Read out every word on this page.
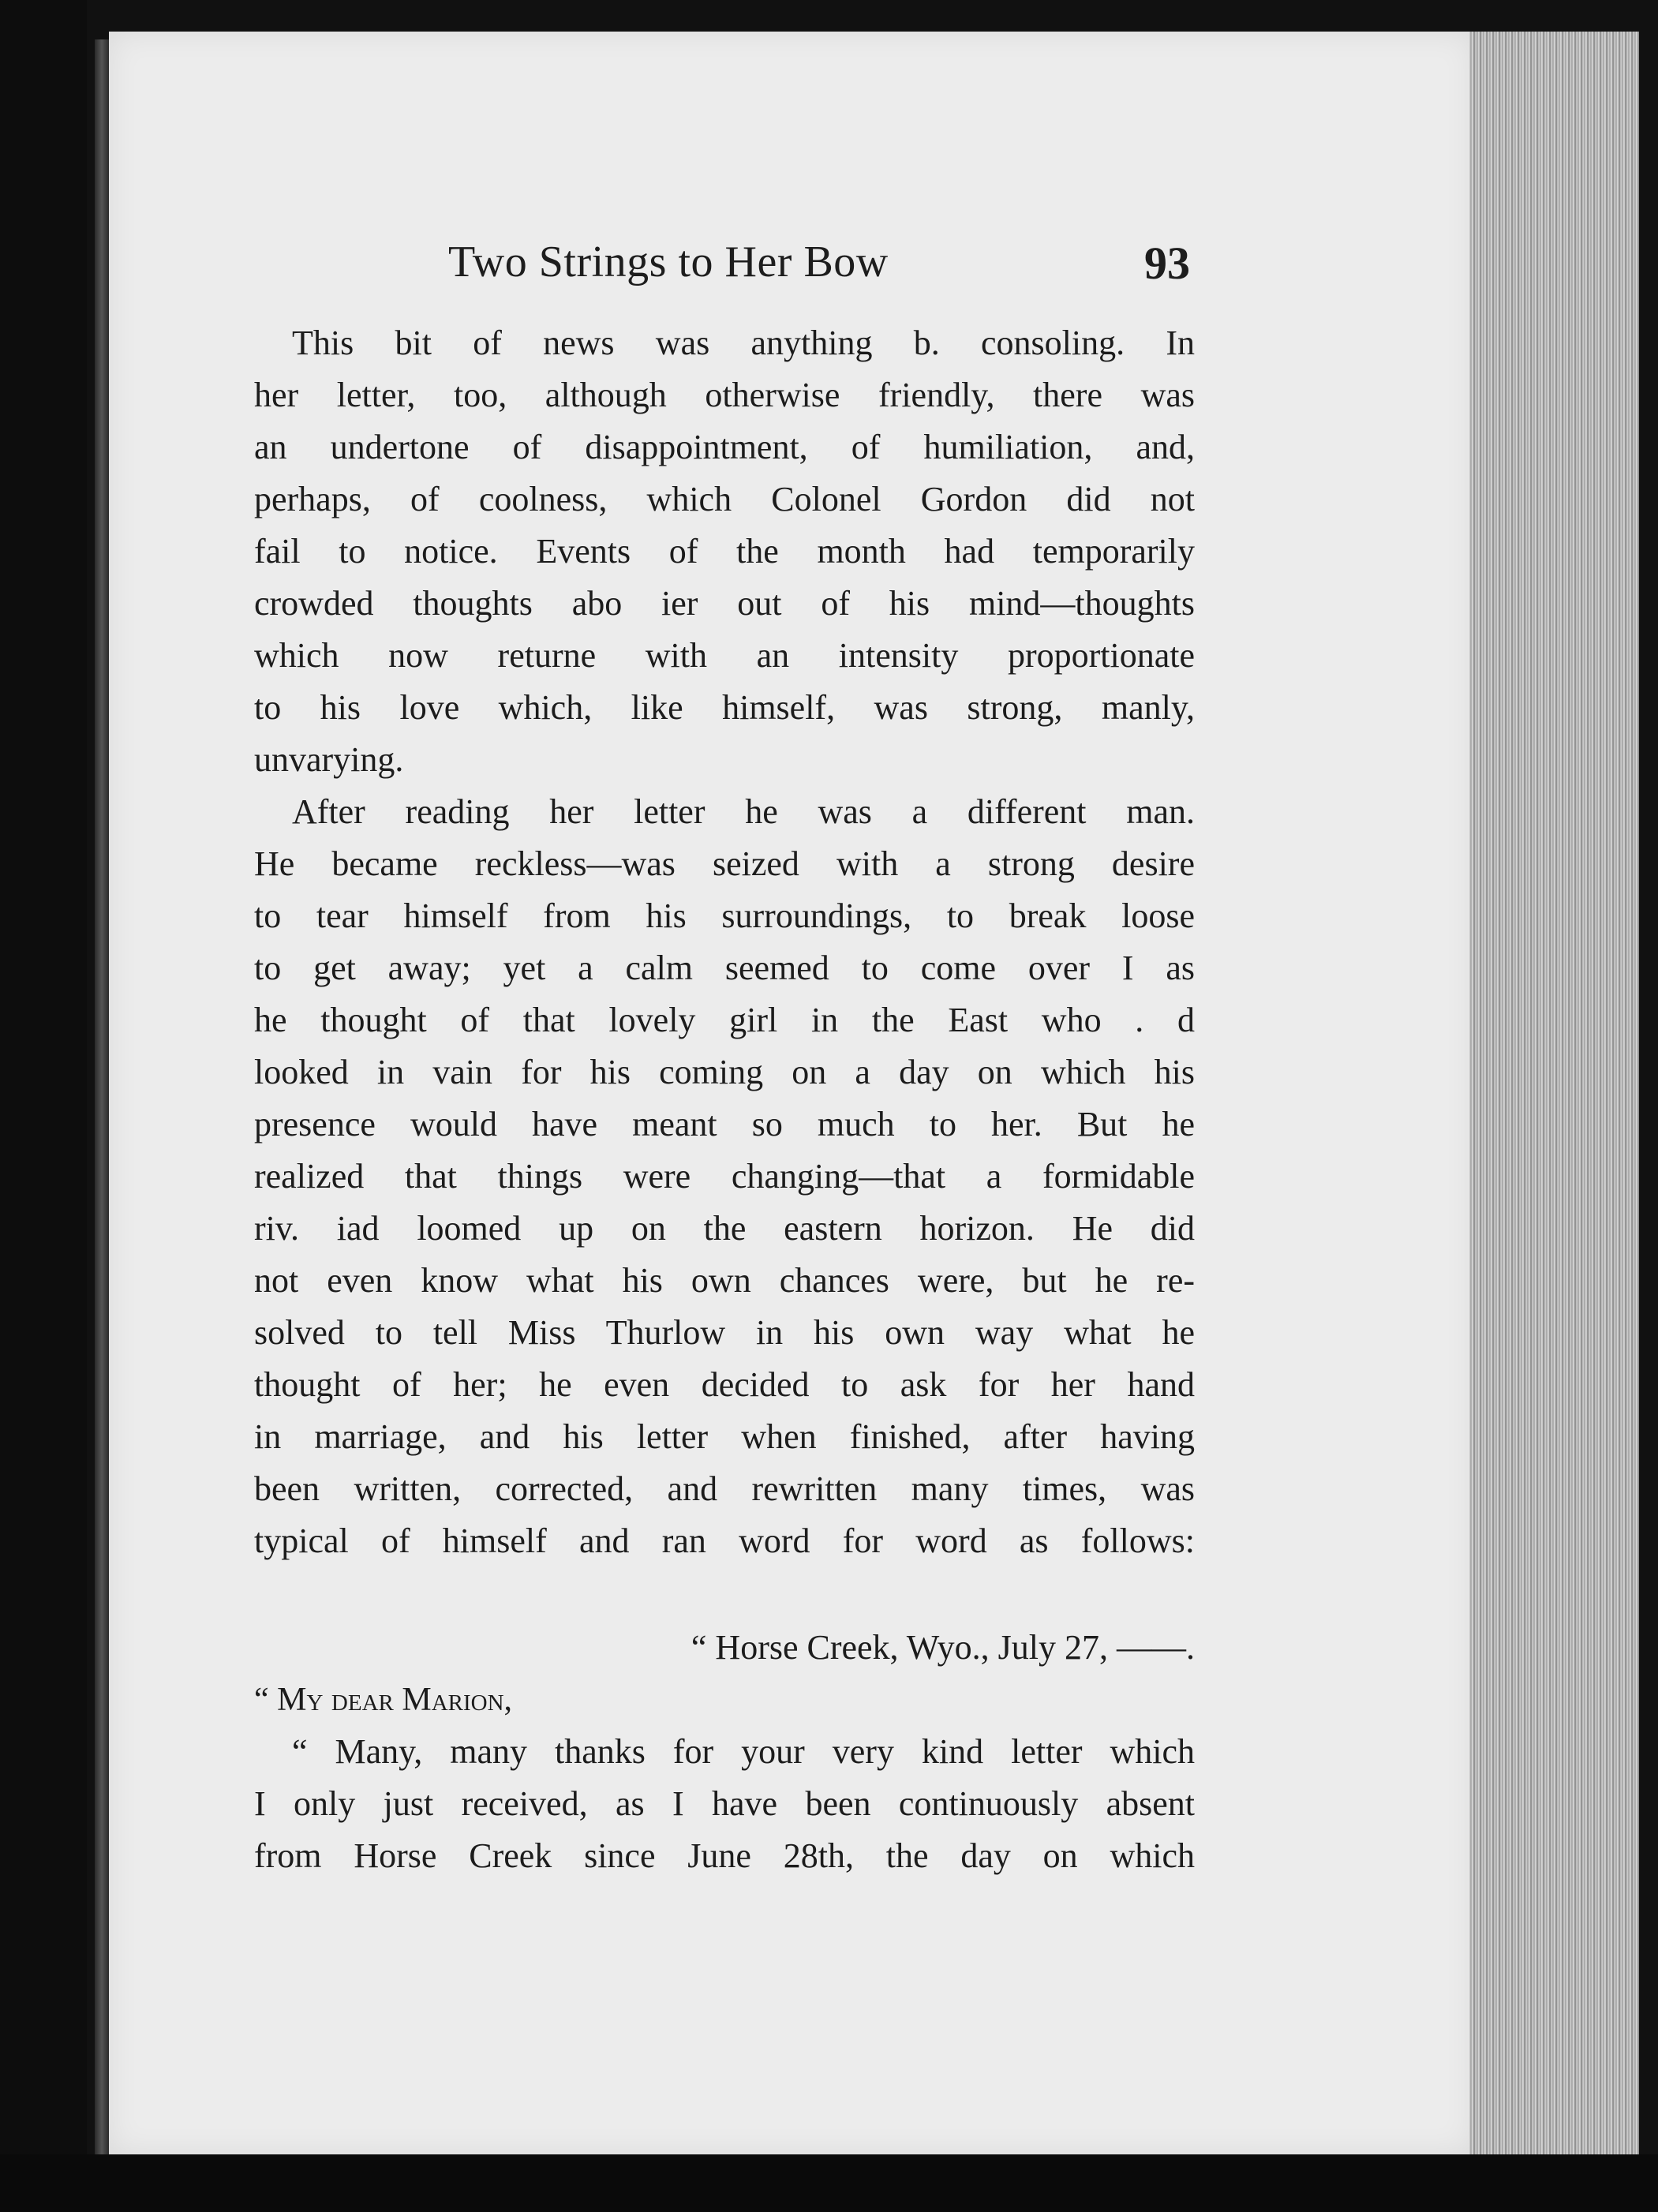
Two Strings to Her Bow	93
This bit of news was anything b. consoling. In
her letter, too, although otherwise friendly, there was
an undertone of disappointment, of humiliation, and,
perhaps, of coolness, which Colonel Gordon did not
fail to notice. Events of the month had temporarily
crowded thoughts abo ier out of his mind—thoughts
which now returne with an intensity proportionate
to his love which, like himself, was strong, manly,
unvarying.
After reading her letter he was a different man.
He became reckless—was seized with a strong desire
to tear himself from his surroundings, to break loose
to get away; yet a calm seemed to come over I as
he thought of that lovely girl in the East who . d
looked in vain for his coming on a day on which his
presence would have meant so much to her. But he
realized that things were changing—that a formidable
riv. iad loomed up on the eastern horizon. He did
not even know what his own chances were, but he re-
solved to tell Miss Thurlow in his own way what he
thought of her; he even decided to ask for her hand
in marriage, and his letter when finished, after having
been written, corrected, and rewritten many times, was
typical of himself and ran word for word as follows:
“ Horse Creek, Wyo., July 27, ——.
“ My dear Marion,
“ Many, many thanks for your very kind letter which
I only just received, as I have been continuously absent
from Horse Creek since June 28th, the day on which
